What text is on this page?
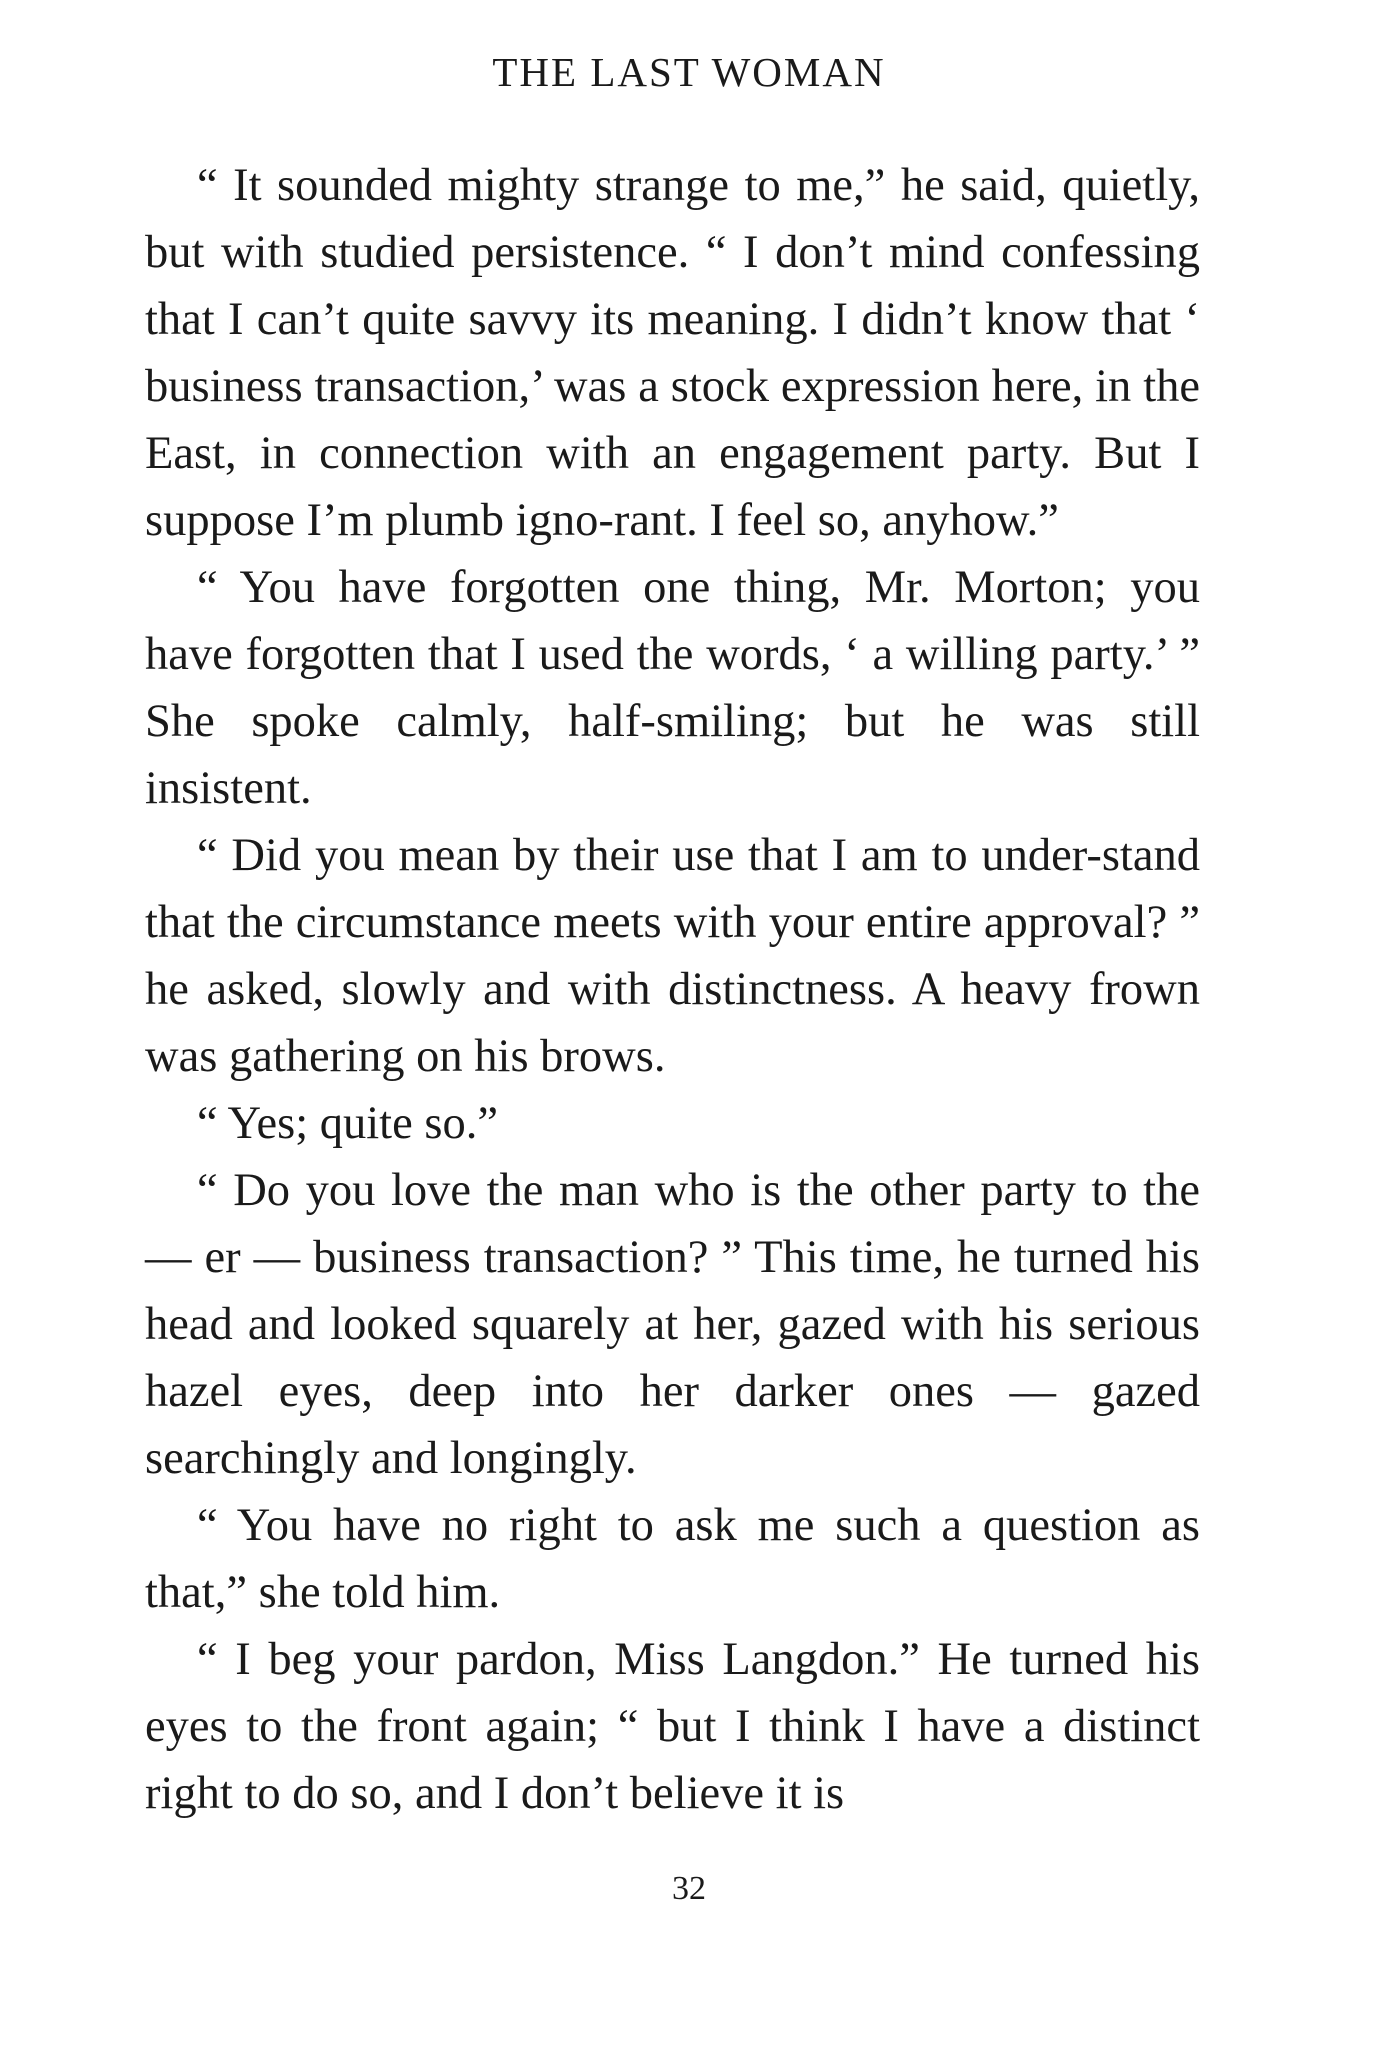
THE LAST WOMAN

“ It sounded mighty strange to me,” he said, quietly, but with studied persistence. “ I don’t mind confessing that I can’t quite savvy its meaning. I didn’t know that ‘ business transaction,’ was a stock expression here, in the East, in connection with an engagement party. But I suppose I’m plumb igno-rant. I feel so, anyhow.”

“ You have forgotten one thing, Mr. Morton; you have forgotten that I used the words, ‘ a willing party.’ ” She spoke calmly, half-smiling; but he was still insistent.

“ Did you mean by their use that I am to under-stand that the circumstance meets with your entire approval? ” he asked, slowly and with distinctness. A heavy frown was gathering on his brows.

“ Yes; quite so.”

“ Do you love the man who is the other party to the — er — business transaction? ” This time, he turned his head and looked squarely at her, gazed with his serious hazel eyes, deep into her darker ones — gazed searchingly and longingly.

“ You have no right to ask me such a question as that,” she told him.

“ I beg your pardon, Miss Langdon.” He turned his eyes to the front again; “ but I think I have a distinct right to do so, and I don’t believe it is

32
